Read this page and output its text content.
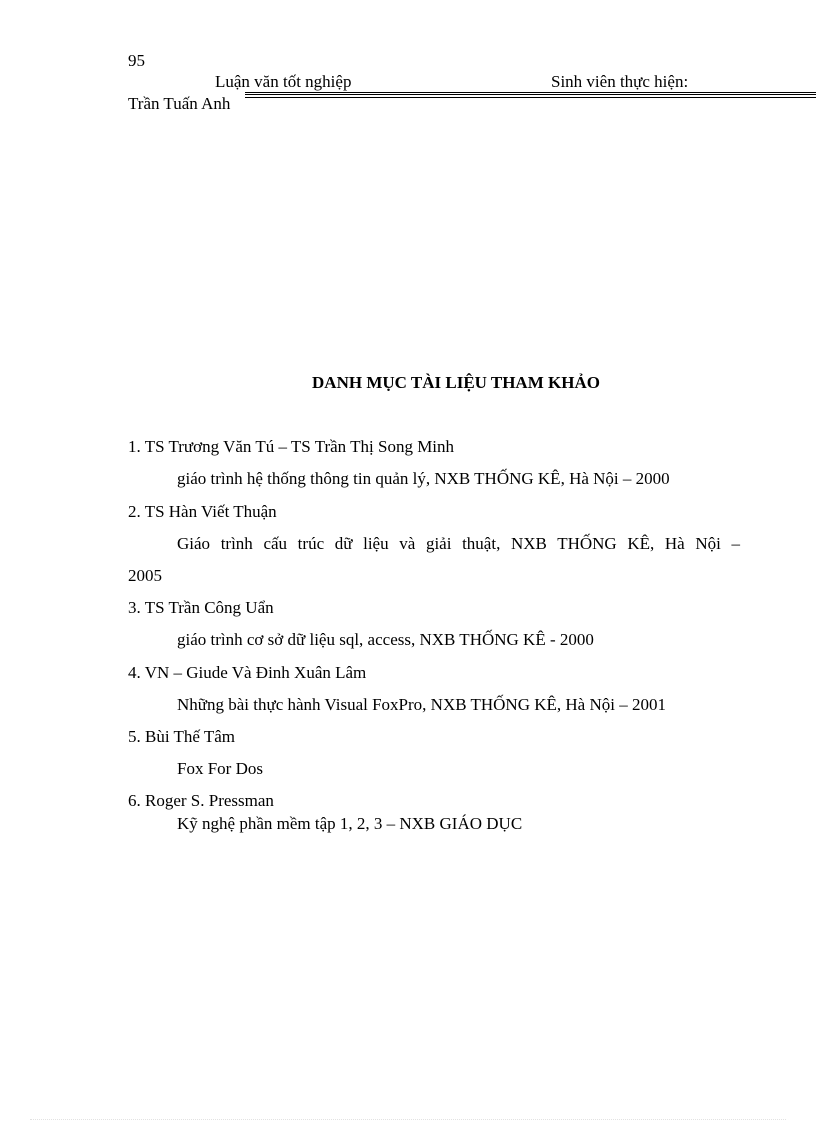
95
Luận văn tốt nghiệp	Sinh viên thực hiện:
Trần Tuấn Anh
DANH MỤC TÀI LIỆU THAM KHẢO
1. TS Trương Văn Tú – TS Trần Thị Song Minh
giáo trình hệ thống thông tin quản lý, NXB THỐNG KÊ, Hà Nội – 2000
2. TS Hàn Viết Thuận
Giáo trình cấu trúc dữ liệu và giải thuật, NXB THỐNG KÊ, Hà Nội –
2005
3. TS Trần Công Uẩn
giáo trình cơ sở dữ liệu sql, access, NXB THỐNG KÊ - 2000
4. VN – Giude Và Đinh Xuân Lâm
Những bài thực hành Visual FoxPro, NXB THỐNG KÊ, Hà Nội – 2001
5. Bùi Thế Tâm
Fox For Dos
6. Roger S. Pressman
Kỹ nghệ phần mềm tập 1, 2, 3 – NXB GIÁO DỤC
